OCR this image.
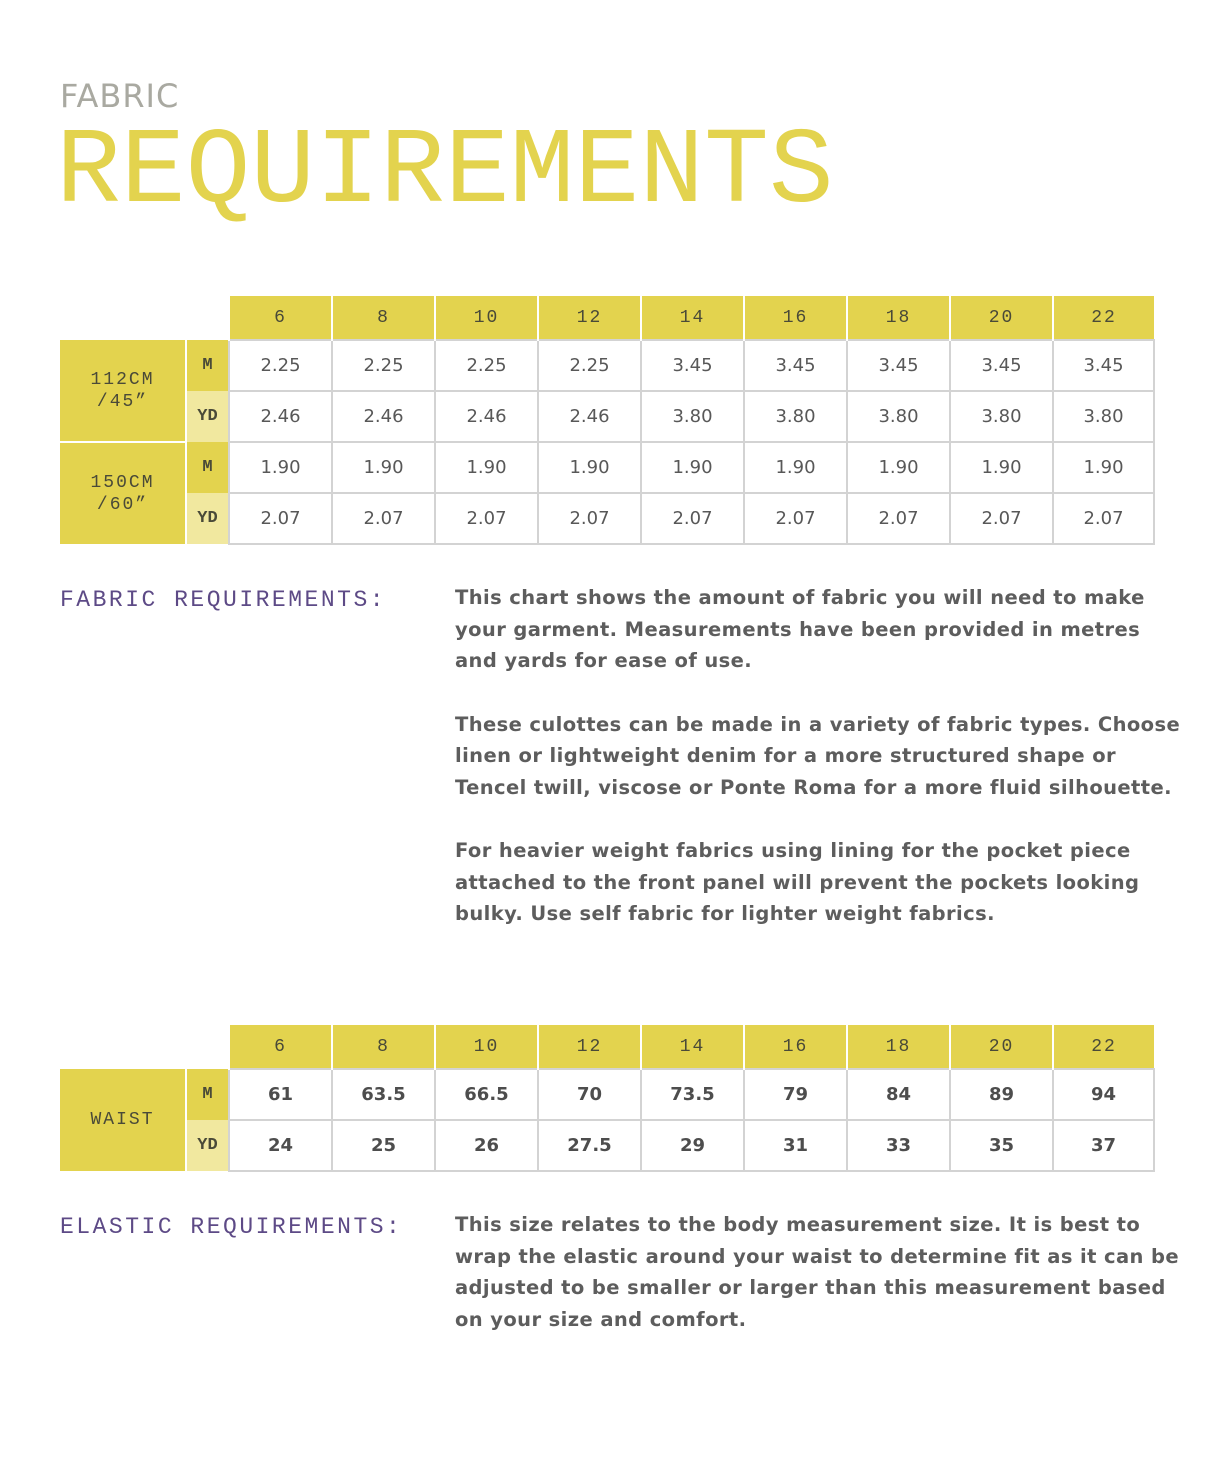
FABRIC
REQUIREMENTS
		6	8	10	12	14	16	18	20	22
112CM
/45”	M	2.25	2.25	2.25	2.25	3.45	3.45	3.45	3.45	3.45
	YD	2.46	2.46	2.46	2.46	3.80	3.80	3.80	3.80	3.80
150CM
/60”	M	1.90	1.90	1.90	1.90	1.90	1.90	1.90	1.90	1.90
	YD	2.07	2.07	2.07	2.07	2.07	2.07	2.07	2.07	2.07
FABRIC REQUIREMENTS:	This chart shows the amount of fabric you will need to make your garment. Measurements have been provided in metres and yards for ease of use.

These culottes can be made in a variety of fabric types. Choose linen or lightweight denim for a more structured shape or Tencel twill, viscose or Ponte Roma for a more fluid silhouette.

For heavier weight fabrics using lining for the pocket piece attached to the front panel will prevent the pockets looking bulky. Use self fabric for lighter weight fabrics.

		6	8	10	12	14	16	18	20	22
WAIST	M	61	63.5	66.5	70	73.5	79	84	89	94
	YD	24	25	26	27.5	29	31	33	35	37
ELASTIC REQUIREMENTS:	This size relates to the body measurement size. It is best to wrap the elastic around your waist to determine fit as it can be adjusted to be smaller or larger than this measurement based on your size and comfort.
